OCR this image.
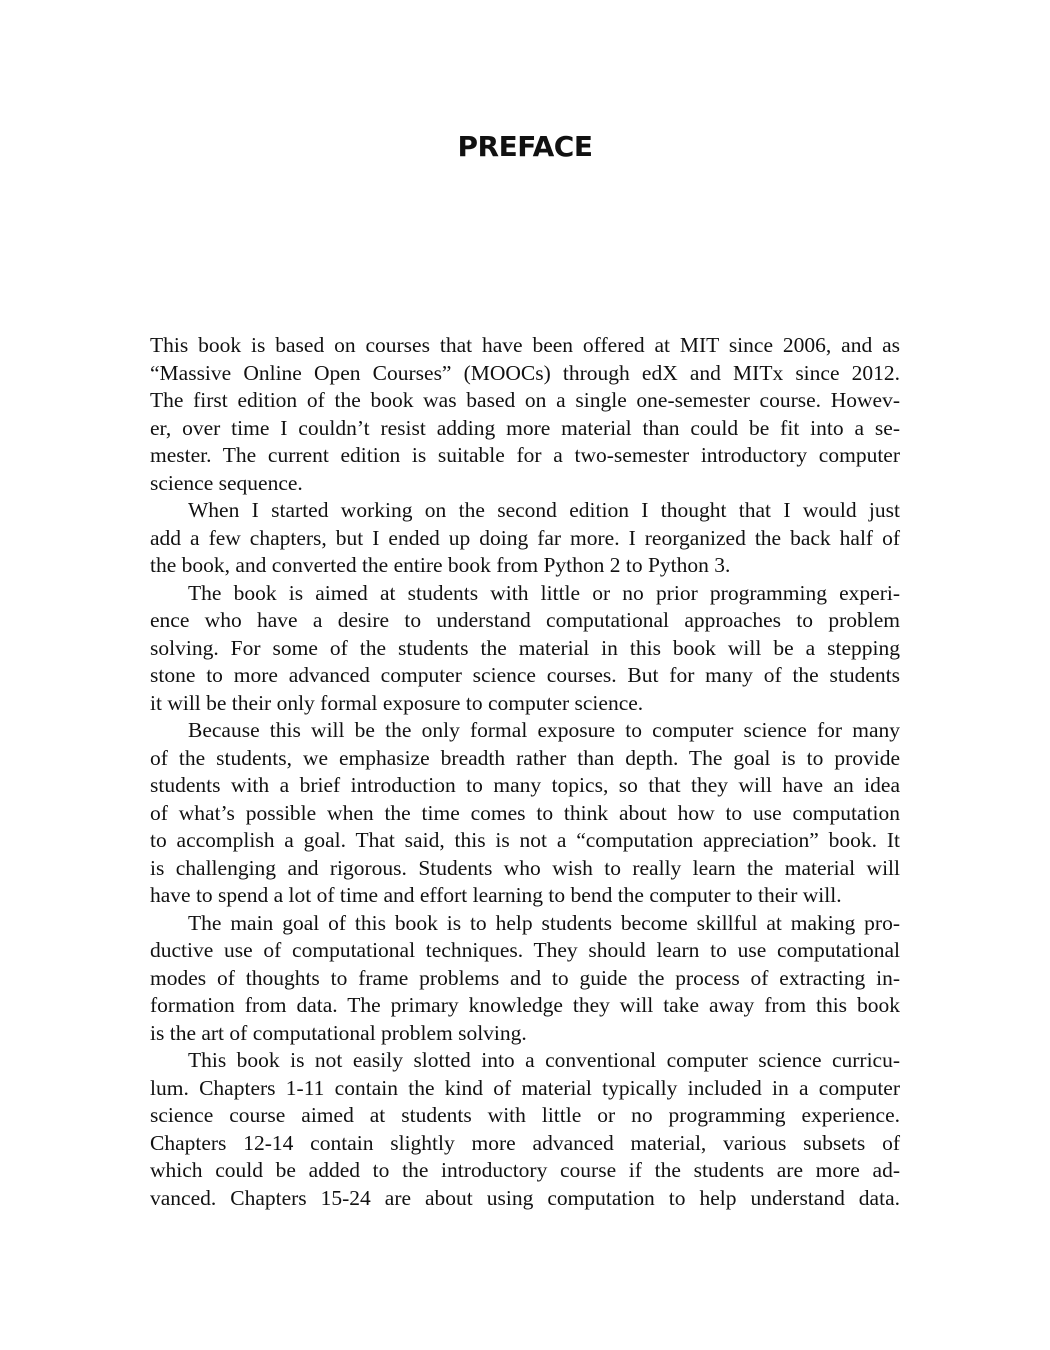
PREFACE
This book is based on courses that have been offered at MIT since 2006, and as
“Massive Online Open Courses” (MOOCs) through edX and MITx since 2012.
The first edition of the book was based on a single one-semester course. Howev-
er, over time I couldn’t resist adding more material than could be fit into a se-
mester. The current edition is suitable for a two-semester introductory computer
science sequence.
When I started working on the second edition I thought that I would just
add a few chapters, but I ended up doing far more. I reorganized the back half of
the book, and converted the entire book from Python 2 to Python 3.
The book is aimed at students with little or no prior programming experi-
ence who have a desire to understand computational approaches to problem
solving. For some of the students the material in this book will be a stepping
stone to more advanced computer science courses. But for many of the students
it will be their only formal exposure to computer science.
Because this will be the only formal exposure to computer science for many
of the students, we emphasize breadth rather than depth. The goal is to provide
students with a brief introduction to many topics, so that they will have an idea
of what’s possible when the time comes to think about how to use computation
to accomplish a goal. That said, this is not a “computation appreciation” book. It
is challenging and rigorous. Students who wish to really learn the material will
have to spend a lot of time and effort learning to bend the computer to their will.
The main goal of this book is to help students become skillful at making pro-
ductive use of computational techniques. They should learn to use computational
modes of thoughts to frame problems and to guide the process of extracting in-
formation from data. The primary knowledge they will take away from this book
is the art of computational problem solving.
This book is not easily slotted into a conventional computer science curricu-
lum. Chapters 1-11 contain the kind of material typically included in a computer
science course aimed at students with little or no programming experience.
Chapters 12-14 contain slightly more advanced material, various subsets of
which could be added to the introductory course if the students are more ad-
vanced. Chapters 15-24 are about using computation to help understand data.
